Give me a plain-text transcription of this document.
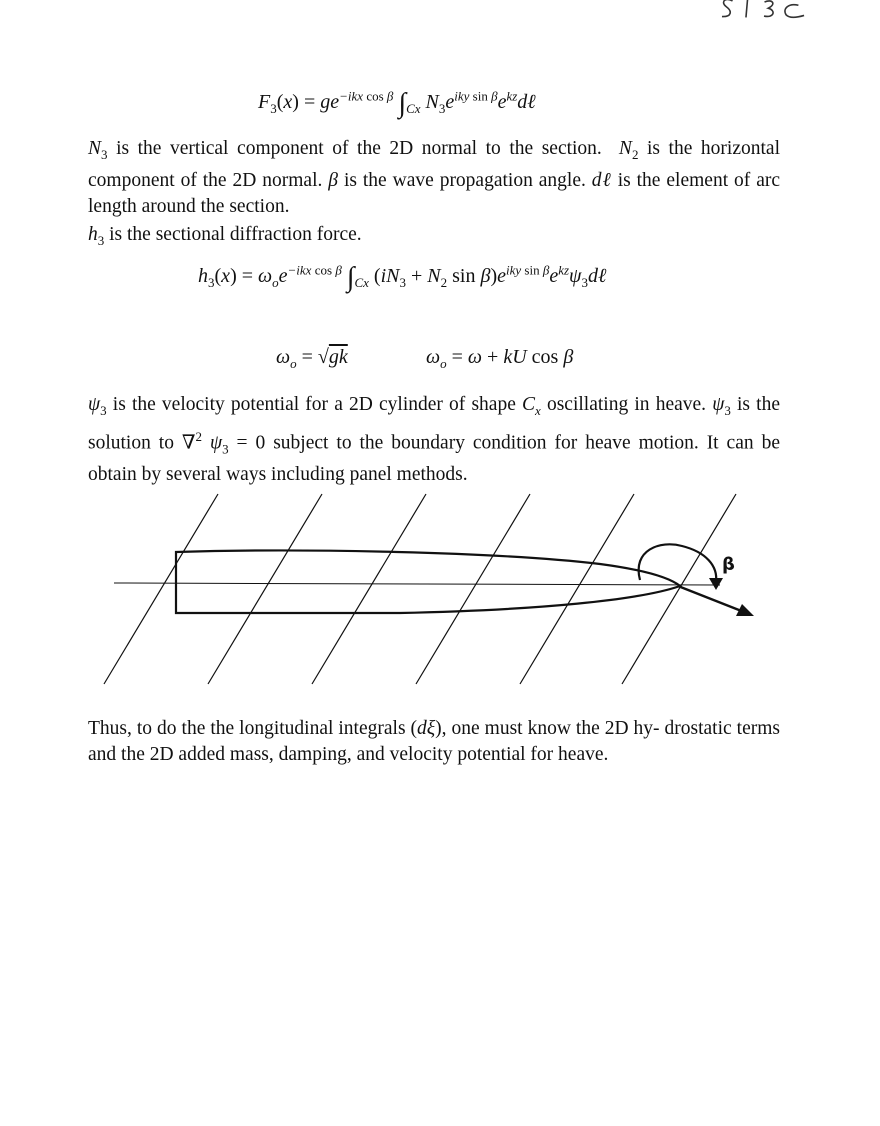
$F_3(x) = ge^{-ikx cos \beta}$ $\int_{Cx}$ $N_3e^{iky sin \beta}e^{kz}d\ell$
$N_3$ is the vertical component of the 2D normal to the section.  $N_2$ is the horizontal component of the 2D normal. β is the wave propagation angle. dℓ is the element of arc length around the section.
$h_3$ is the sectional diffraction force.
$h_3(x) = \omega_oe^{-ikx cos \beta}$ $\int_{Cx}$ ($iN_3 + N_2$ $\sin \beta)e^{iky sin \beta}e^{kz}\psi_3d\ell$
$\omega_o = √gk$	$\omega_o = \omega$ + kU cos β
$\psi_3$ is the velocity potential for a 2D cylinder of shape $C_x$ oscillating in heave. $\psi_3$ is the solution to ∇$^2$ $\psi_3 = 0$ subject to the boundary condition for heave motion. It can be obtain by several ways including panel methods.
β
Thus, to do the the longitudinal integrals (dξ), one must know the 2D hy- drostatic terms and the 2D added mass, damping, and velocity potential for heave.
